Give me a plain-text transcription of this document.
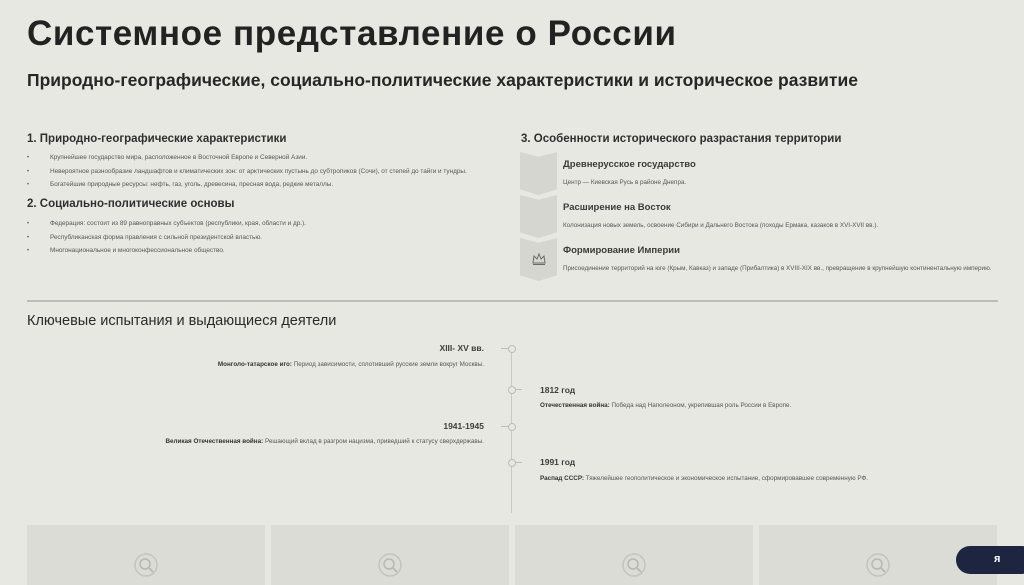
Системное представление о России
Природно-географические, социально-политические характеристики и историческое развитие
1. Природно-географические характеристики
• Крупнейшее государство мира, расположенное в Восточной Европе и Северной Азии.
• Невероятное разнообразие ландшафтов и климатических зон: от арктических пустынь до субтропиков (Сочи), от степей до тайги и тундры.
• Богатейшие природные ресурсы: нефть, газ, уголь, древесина, пресная вода, редкие металлы.
2. Социально-политические основы
• Федерация: состоит из 89 равноправных субъектов (республики, края, области и др.).
• Республиканская форма правления с сильной президентской властью.
• Многонациональное и многоконфессиональное общество.
3. Особенности исторического разрастания территории
Древнерусское государство
Центр — Киевская Русь в районе Днепра.
Расширение на Восток
Колонизация новых земель, освоение Сибири и Дальнего Востока (походы Ермака, казаков в XVI-XVII вв.).
Формирование Империи
Присоединение территорий на юге (Крым, Кавказ) и западе (Прибалтика) в XVIII-XIX вв., превращение в крупнейшую континентальную империю.
Ключевые испытания и выдающиеся деятели
XIII- XV вв.
Монголо-татарское иго: Период зависимости, сплотивший русские земли вокруг Москвы.
1812 год
Отечественная война: Победа над Наполеоном, укрепившая роль России в Европе.
1941-1945
Великая Отечественная война: Решающий вклад в разгром нацизма, приведший к статусу сверхдержавы.
1991 год
Распад СССР: Тяжелейшее геополитическое и экономическое испытание, сформировавшее современную РФ.
я
